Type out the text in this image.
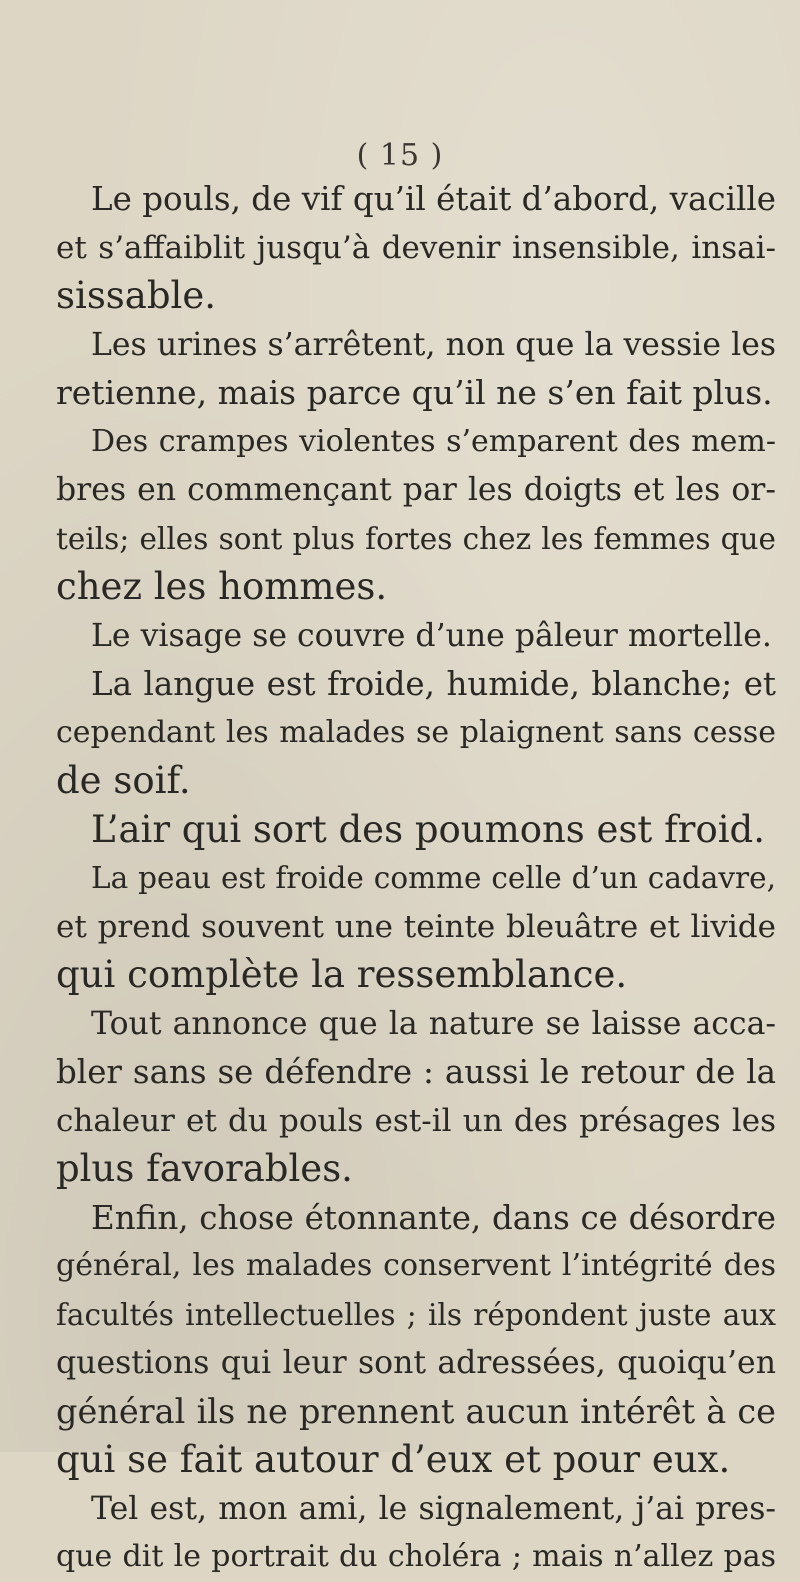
( 15 )
Le pouls, de vif qu’il était d’abord, vacille
et s’affaiblit jusqu’à devenir insensible, insai-
sissable.
Les urines s’arrêtent, non que la vessie les
retienne, mais parce qu’il ne s’en fait plus.
Des crampes violentes s’emparent des mem-
bres en commençant par les doigts et les or-
teils; elles sont plus fortes chez les femmes que
chez les hommes.
Le visage se couvre d’une pâleur mortelle.
La langue est froide, humide, blanche; et
cependant les malades se plaignent sans cesse
de soif.
L’air qui sort des poumons est froid.
La peau est froide comme celle d’un cadavre,
et prend souvent une teinte bleuâtre et livide
qui complète la ressemblance.
Tout annonce que la nature se laisse acca-
bler sans se défendre : aussi le retour de la
chaleur et du pouls est-il un des présages les
plus favorables.
Enfin, chose étonnante, dans ce désordre
général, les malades conservent l’intégrité des
facultés intellectuelles ; ils répondent juste aux
questions qui leur sont adressées, quoiqu’en
général ils ne prennent aucun intérêt à ce
qui se fait autour d’eux et pour eux.
Tel est, mon ami, le signalement, j’ai pres-
que dit le portrait du choléra ; mais n’allez pas
